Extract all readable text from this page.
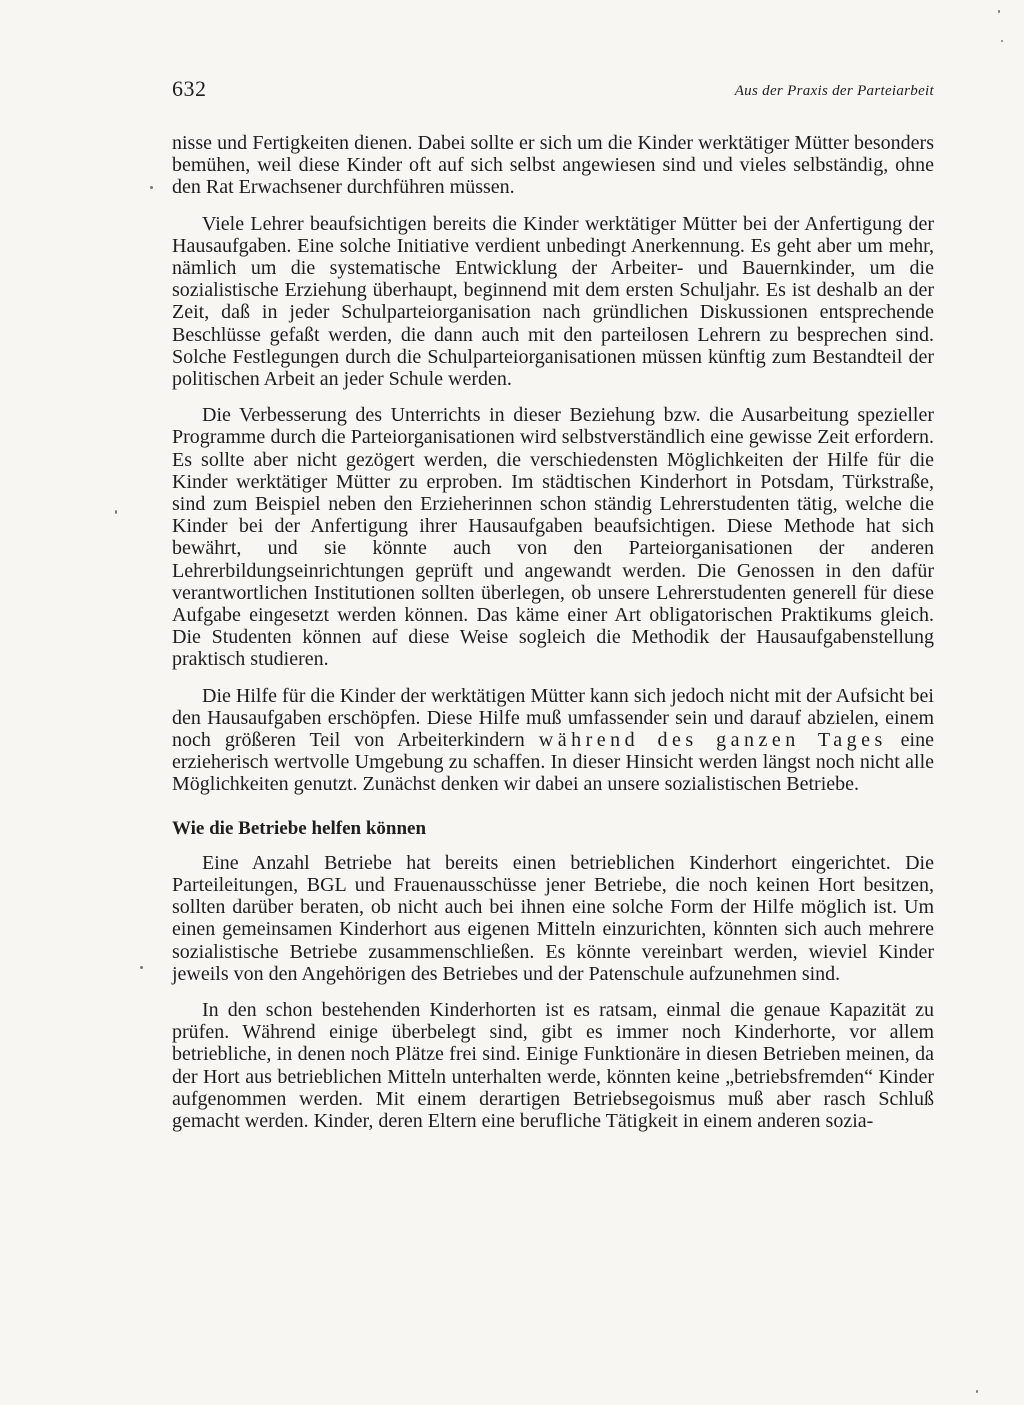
632	Aus der Praxis der Parteiarbeit

nisse und Fertigkeiten dienen. Dabei sollte er sich um die Kinder werktätiger Mütter besonders bemühen, weil diese Kinder oft auf sich selbst angewiesen sind und vieles selbständig, ohne den Rat Erwachsener durchführen müssen.

Viele Lehrer beaufsichtigen bereits die Kinder werktätiger Mütter bei der Anfertigung der Hausaufgaben. Eine solche Initiative verdient unbedingt Anerkennung. Es geht aber um mehr, nämlich um die systematische Entwicklung der Arbeiter- und Bauernkinder, um die sozialistische Erziehung überhaupt, beginnend mit dem ersten Schuljahr. Es ist deshalb an der Zeit, daß in jeder Schulparteiorganisation nach gründlichen Diskussionen entsprechende Beschlüsse gefaßt werden, die dann auch mit den parteilosen Lehrern zu besprechen sind. Solche Festlegungen durch die Schulparteiorganisationen müssen künftig zum Bestandteil der politischen Arbeit an jeder Schule werden.

Die Verbesserung des Unterrichts in dieser Beziehung bzw. die Ausarbeitung spezieller Programme durch die Parteiorganisationen wird selbstverständlich eine gewisse Zeit erfordern. Es sollte aber nicht gezögert werden, die verschiedensten Möglichkeiten der Hilfe für die Kinder werktätiger Mütter zu erproben. Im städtischen Kinderhort in Potsdam, Türkstraße, sind zum Beispiel neben den Erzieherinnen schon ständig Lehrerstudenten tätig, welche die Kinder bei der Anfertigung ihrer Hausaufgaben beaufsichtigen. Diese Methode hat sich bewährt, und sie könnte auch von den Parteiorganisationen der anderen Lehrerbildungseinrichtungen geprüft und angewandt werden. Die Genossen in den dafür verantwortlichen Institutionen sollten überlegen, ob unsere Lehrerstudenten generell für diese Aufgabe eingesetzt werden können. Das käme einer Art obligatorischen Praktikums gleich. Die Studenten können auf diese Weise sogleich die Methodik der Hausaufgabenstellung praktisch studieren.

Die Hilfe für die Kinder der werktätigen Mütter kann sich jedoch nicht mit der Aufsicht bei den Hausaufgaben erschöpfen. Diese Hilfe muß umfassender sein und darauf abzielen, einem noch größeren Teil von Arbeiterkindern während des ganzen Tages eine erzieherisch wertvolle Umgebung zu schaffen. In dieser Hinsicht werden längst noch nicht alle Möglichkeiten genutzt. Zunächst denken wir dabei an unsere sozialistischen Betriebe.

Wie die Betriebe helfen können

Eine Anzahl Betriebe hat bereits einen betrieblichen Kinderhort eingerichtet. Die Parteileitungen, BGL und Frauenausschüsse jener Betriebe, die noch keinen Hort besitzen, sollten darüber beraten, ob nicht auch bei ihnen eine solche Form der Hilfe möglich ist. Um einen gemeinsamen Kinderhort aus eigenen Mitteln einzurichten, könnten sich auch mehrere sozialistische Betriebe zusammenschließen. Es könnte vereinbart werden, wieviel Kinder jeweils von den Angehörigen des Betriebes und der Patenschule aufzunehmen sind.

In den schon bestehenden Kinderhorten ist es ratsam, einmal die genaue Kapazität zu prüfen. Während einige überbelegt sind, gibt es immer noch Kinderhorte, vor allem betriebliche, in denen noch Plätze frei sind. Einige Funktionäre in diesen Betrieben meinen, da der Hort aus betrieblichen Mitteln unterhalten werde, könnten keine „betriebsfremden“ Kinder aufgenommen werden. Mit einem derartigen Betriebsegoismus muß aber rasch Schluß gemacht werden. Kinder, deren Eltern eine berufliche Tätigkeit in einem anderen sozia-
